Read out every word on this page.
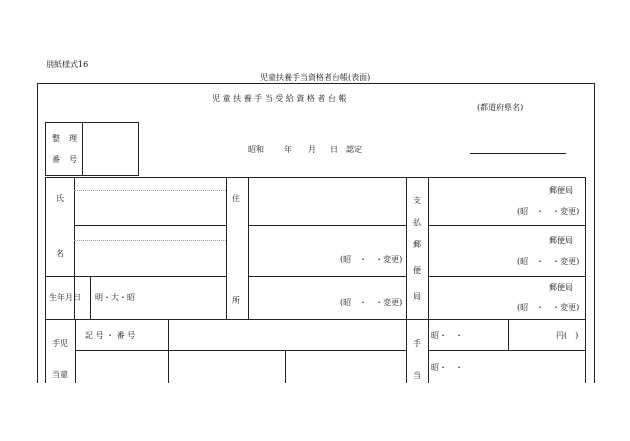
別紙様式16
児童扶養手当資格者台帳(表面)
児 童 扶 養 手 当 受 給 資 格 者 台 帳
(都道府県名)
整 理
番 号
昭和	年 月 日 認定
氏
名
住
所
(昭　・　・変更)
(昭　・　・変更)
生年月日 明・大・昭
支
払
郵
便
局
郵便局
(昭　・　・変更)
郵便局
(昭　・　・変更)
郵便局
(昭　・　・変更)
手児
当童
記 号 ・ 番 号
手
当
昭・　・	円(　)
昭・　・
